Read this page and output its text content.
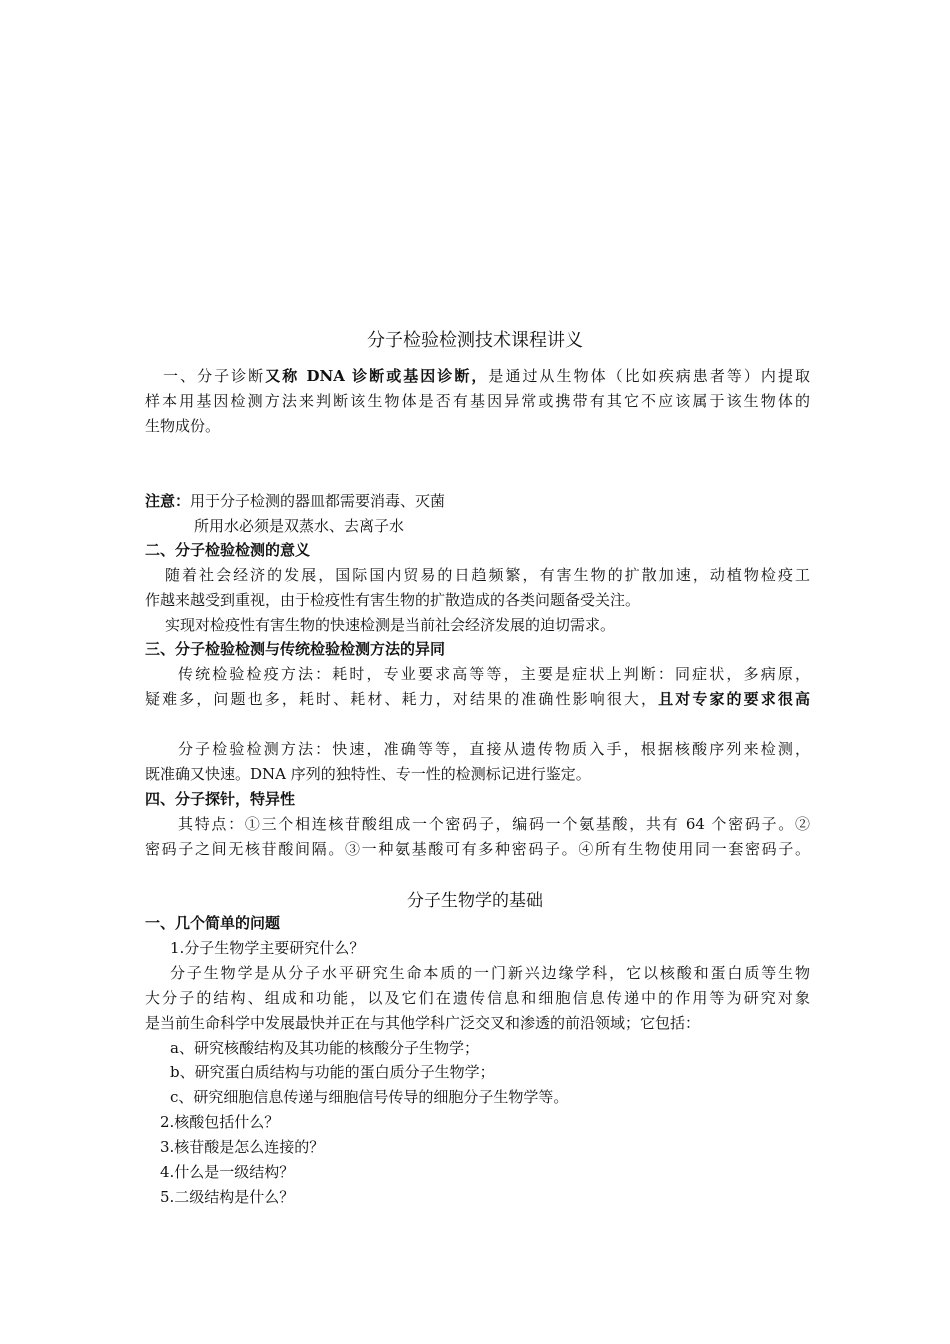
分子检验检测技术课程讲义
一、分子诊断又称 DNA 诊断或基因诊断，是通过从生物体（比如疾病患者等）内提取
样本用基因检测方法来判断该生物体是否有基因异常或携带有其它不应该属于该生物体的
生物成份。
注意：用于分子检测的器皿都需要消毒、灭菌
所用水必须是双蒸水、去离子水
二、分子检验检测的意义
随着社会经济的发展，国际国内贸易的日趋频繁，有害生物的扩散加速，动植物检疫工
作越来越受到重视，由于检疫性有害生物的扩散造成的各类问题备受关注。
实现对检疫性有害生物的快速检测是当前社会经济发展的迫切需求。
三、分子检验检测与传统检验检测方法的异同
传统检验检疫方法：耗时，专业要求高等等，主要是症状上判断：同症状，多病原，
疑难多，问题也多，耗时、耗材、耗力，对结果的准确性影响很大，且对专家的要求很高
分子检验检测方法：快速，准确等等，直接从遗传物质入手，根据核酸序列来检测，
既准确又快速。DNA 序列的独特性、专一性的检测标记进行鉴定。
四、分子探针，特异性
其特点：①三个相连核苷酸组成一个密码子，编码一个氨基酸，共有 64 个密码子。②
密码子之间无核苷酸间隔。③一种氨基酸可有多种密码子。④所有生物使用同一套密码子。
分子生物学的基础
一、几个简单的问题
1.分子生物学主要研究什么？
分子生物学是从分子水平研究生命本质的一门新兴边缘学科，它以核酸和蛋白质等生物
大分子的结构、组成和功能，以及它们在遗传信息和细胞信息传递中的作用等为研究对象
是当前生命科学中发展最快并正在与其他学科广泛交叉和渗透的前沿领域；它包括：
a、研究核酸结构及其功能的核酸分子生物学；
b、研究蛋白质结构与功能的蛋白质分子生物学；
c、研究细胞信息传递与细胞信号传导的细胞分子生物学等。
2.核酸包括什么？
3.核苷酸是怎么连接的？
4.什么是一级结构？
5.二级结构是什么？
